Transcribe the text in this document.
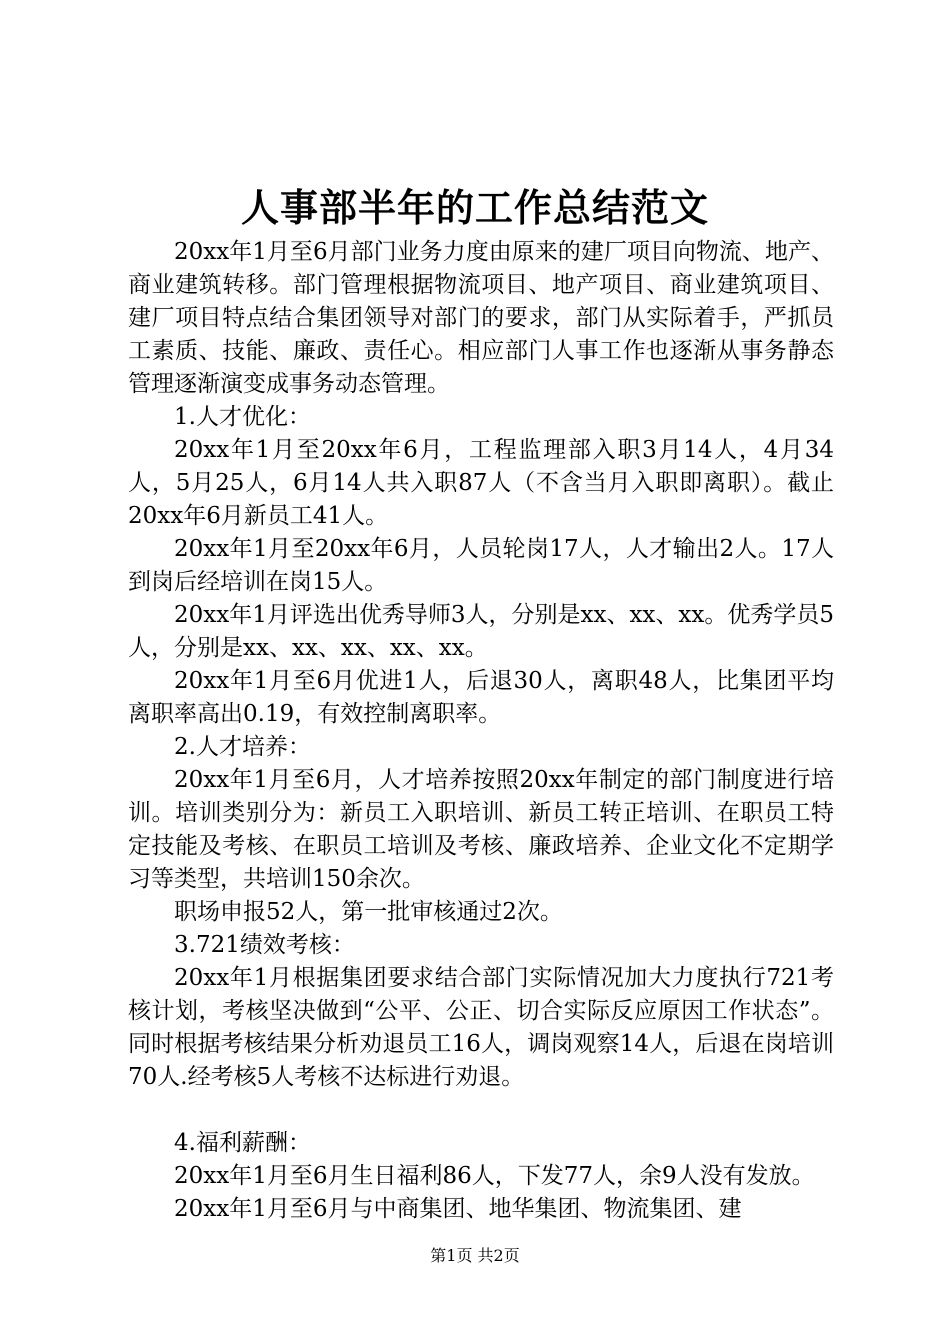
人事部半年的工作总结范文

20xx年1月至6月部门业务力度由原来的建厂项目向物流、地产、商业建筑转移。部门管理根据物流项目、地产项目、商业建筑项目、建厂项目特点结合集团领导对部门的要求，部门从实际着手，严抓员工素质、技能、廉政、责任心。相应部门人事工作也逐渐从事务静态管理逐渐演变成事务动态管理。

1.人才优化：

20xx年1月至20xx年6月，工程监理部入职3月14人，4月34人，5月25人，6月14人共入职87人（不含当月入职即离职）。截止20xx年6月新员工41人。

20xx年1月至20xx年6月，人员轮岗17人，人才输出2人。17人到岗后经培训在岗15人。

20xx年1月评选出优秀导师3人，分别是xx、xx、xx。优秀学员5人，分别是xx、xx、xx、xx、xx。

20xx年1月至6月优进1人，后退30人，离职48人，比集团平均离职率高出0.19，有效控制离职率。

2.人才培养：

20xx年1月至6月，人才培养按照20xx年制定的部门制度进行培训。培训类别分为：新员工入职培训、新员工转正培训、在职员工特定技能及考核、在职员工培训及考核、廉政培养、企业文化不定期学习等类型，共培训150余次。

职场申报52人，第一批审核通过2次。

3.721绩效考核：

20xx年1月根据集团要求结合部门实际情况加大力度执行721考核计划，考核坚决做到“公平、公正、切合实际反应原因工作状态”。同时根据考核结果分析劝退员工16人，调岗观察14人，后退在岗培训70人.经考核5人考核不达标进行劝退。

4.福利薪酬：

20xx年1月至6月生日福利86人，下发77人，余9人没有发放。

20xx年1月至6月与中商集团、地华集团、物流集团、建

第1页 共2页
